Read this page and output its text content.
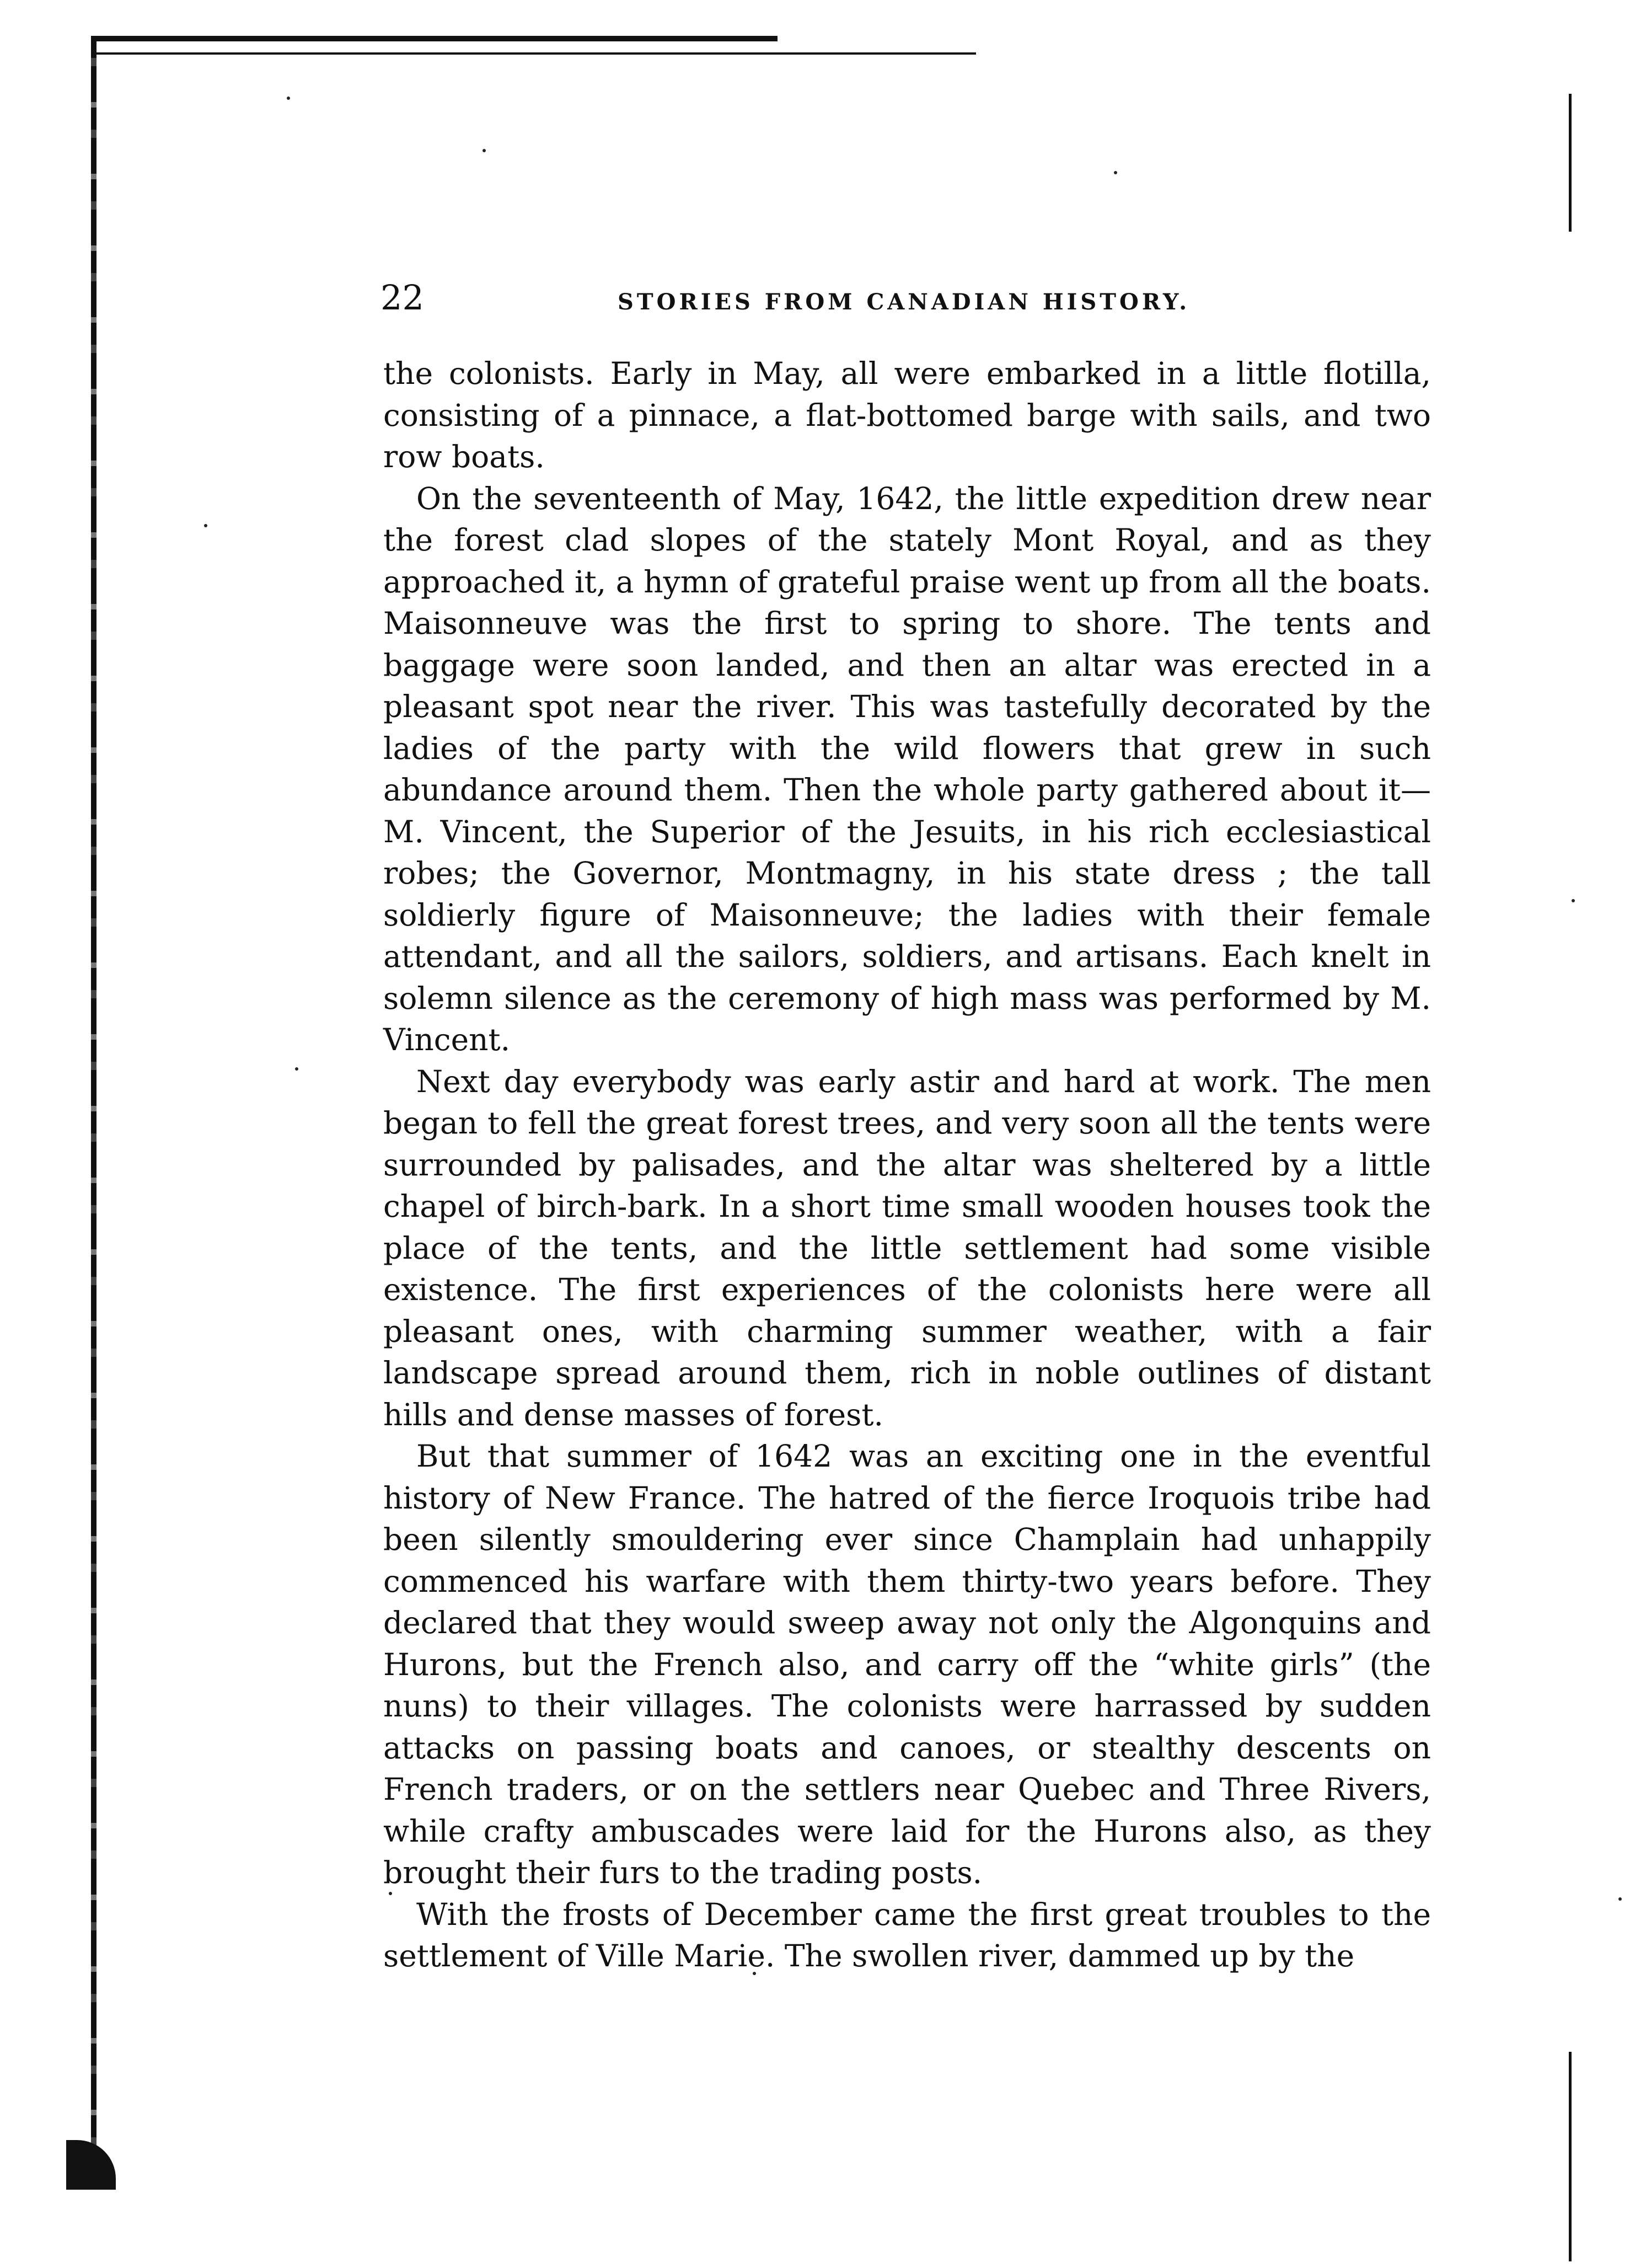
22	STORIES FROM CANADIAN HISTORY.

the colonists. Early in May, all were embarked in a little flotilla, consisting of a pinnace, a flat-bottomed barge with sails, and two row boats.

On the seventeenth of May, 1642, the little expedition drew near the forest clad slopes of the stately Mont Royal, and as they approached it, a hymn of grateful praise went up from all the boats. Maisonneuve was the first to spring to shore. The tents and baggage were soon landed, and then an altar was erected in a pleasant spot near the river. This was tastefully decorated by the ladies of the party with the wild flowers that grew in such abundance around them. Then the whole party gathered about it—M. Vincent, the Superior of the Jesuits, in his rich ecclesiastical robes; the Governor, Montmagny, in his state dress ; the tall soldierly figure of Maisonneuve; the ladies with their female attendant, and all the sailors, soldiers, and artisans. Each knelt in solemn silence as the ceremony of high mass was performed by M. Vincent.

Next day everybody was early astir and hard at work. The men began to fell the great forest trees, and very soon all the tents were surrounded by palisades, and the altar was sheltered by a little chapel of birch-bark. In a short time small wooden houses took the place of the tents, and the little settlement had some visible existence. The first experiences of the colonists here were all pleasant ones, with charming summer weather, with a fair landscape spread around them, rich in noble outlines of distant hills and dense masses of forest.

But that summer of 1642 was an exciting one in the eventful history of New France. The hatred of the fierce Iroquois tribe had been silently smouldering ever since Champlain had unhappily commenced his warfare with them thirty-two years before. They declared that they would sweep away not only the Algonquins and Hurons, but the French also, and carry off the “white girls” (the nuns) to their villages. The colonists were harrassed by sudden attacks on passing boats and canoes, or stealthy descents on French traders, or on the settlers near Quebec and Three Rivers, while crafty ambuscades were laid for the Hurons also, as they brought their furs to the trading posts.

With the frosts of December came the first great troubles to the settlement of Ville Marie. The swollen river, dammed up by the
